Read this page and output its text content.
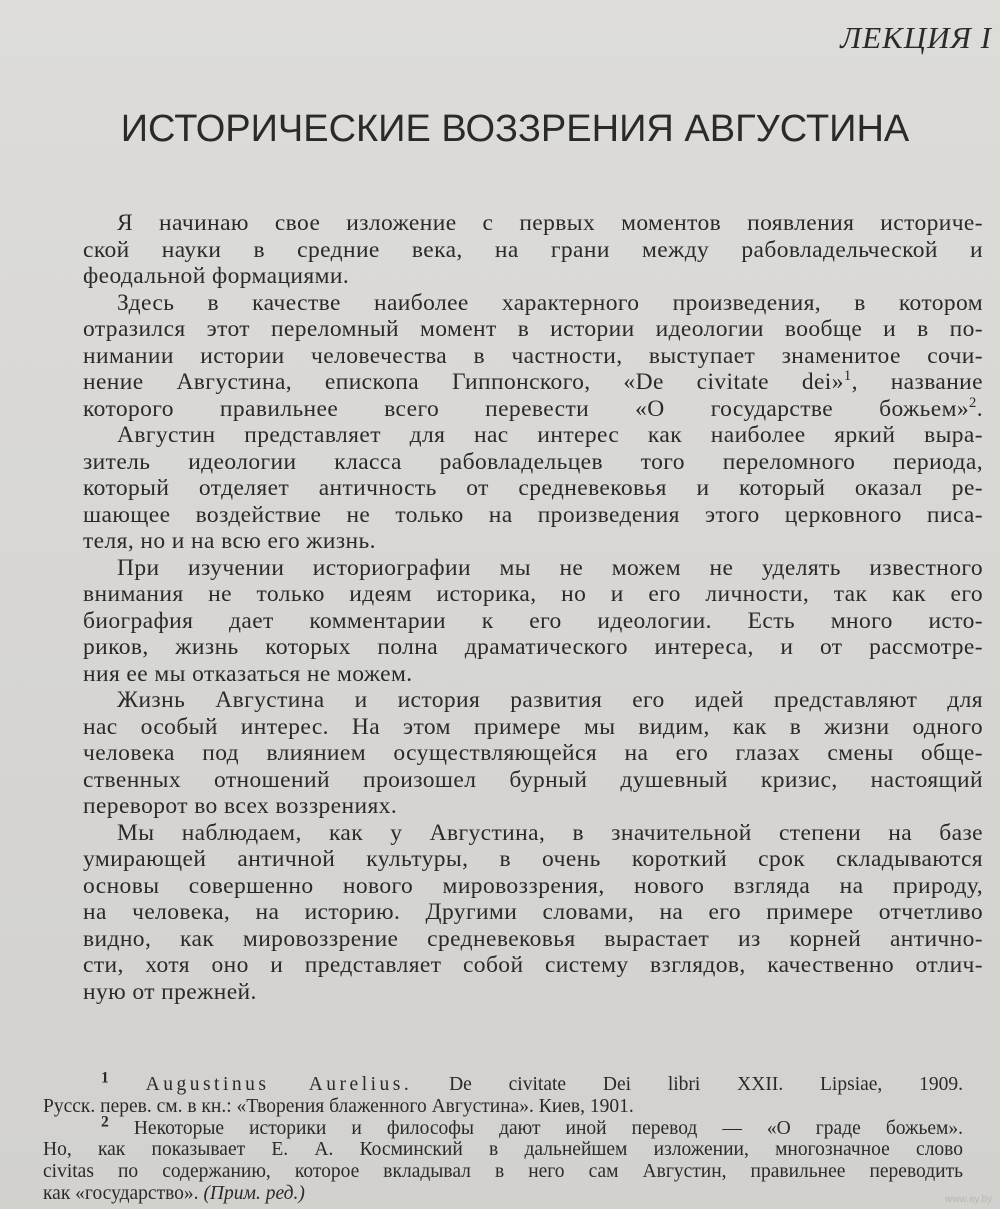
ЛЕКЦИЯ I
ИСТОРИЧЕСКИЕ ВОЗЗРЕНИЯ АВГУСТИНА
Я начинаю свое изложение с первых моментов появления историче-
ской науки в средние века, на грани между рабовладельческой и
феодальной формациями.
Здесь в качестве наиболее характерного произведения, в котором
отразился этот переломный момент в истории идеологии вообще и в по-
нимании истории человечества в частности, выступает знаменитое сочи-
нение Августина, епископа Гиппонского, «De civitate dei»$^1$, название
которого правильнее всего перевести «О государстве божьем»$^2$.
Августин представляет для нас интерес как наиболее яркий выра-
зитель идеологии класса рабовладельцев того переломного периода,
который отделяет античность от средневековья и который оказал ре-
шающее воздействие не только на произведения этого церковного писа-
теля, но и на всю его жизнь.
При изучении историографии мы не можем не уделять известного
внимания не только идеям историка, но и его личности, так как его
биография дает комментарии к его идеологии. Есть много исто-
риков, жизнь которых полна драматического интереса, и от рассмотре-
ния ее мы отказаться не можем.
Жизнь Августина и история развития его идей представляют для
нас особый интерес. На этом примере мы видим, как в жизни одного
человека под влиянием осуществляющейся на его глазах смены обще-
ственных отношений произошел бурный душевный кризис, настоящий
переворот во всех воззрениях.
Мы наблюдаем, как у Августина, в значительной степени на базе
умирающей античной культуры, в очень короткий срок складываются
основы совершенно нового мировоззрения, нового взгляда на природу,
на человека, на историю. Другими словами, на его примере отчетливо
видно, как мировоззрение средневековья вырастает из корней антично-
сти, хотя оно и представляет собой систему взглядов, качественно отлич-
ную от прежней.
$^1$ Augustinus Aurelius. De civitate Dei libri XXII. Lipsiae, 1909.
Русск. перев. см. в кн.: «Творения блаженного Августина». Киев, 1901.
$^2$ Некоторые историки и философы дают иной перевод — «О граде божьем».
Но, как показывает Е. А. Косминский в дальнейшем изложении, многозначное слово
civitas по содержанию, которое вкладывал в него сам Августин, правильнее переводить
как «государство». (Прим. ред.)	www.ay.by
